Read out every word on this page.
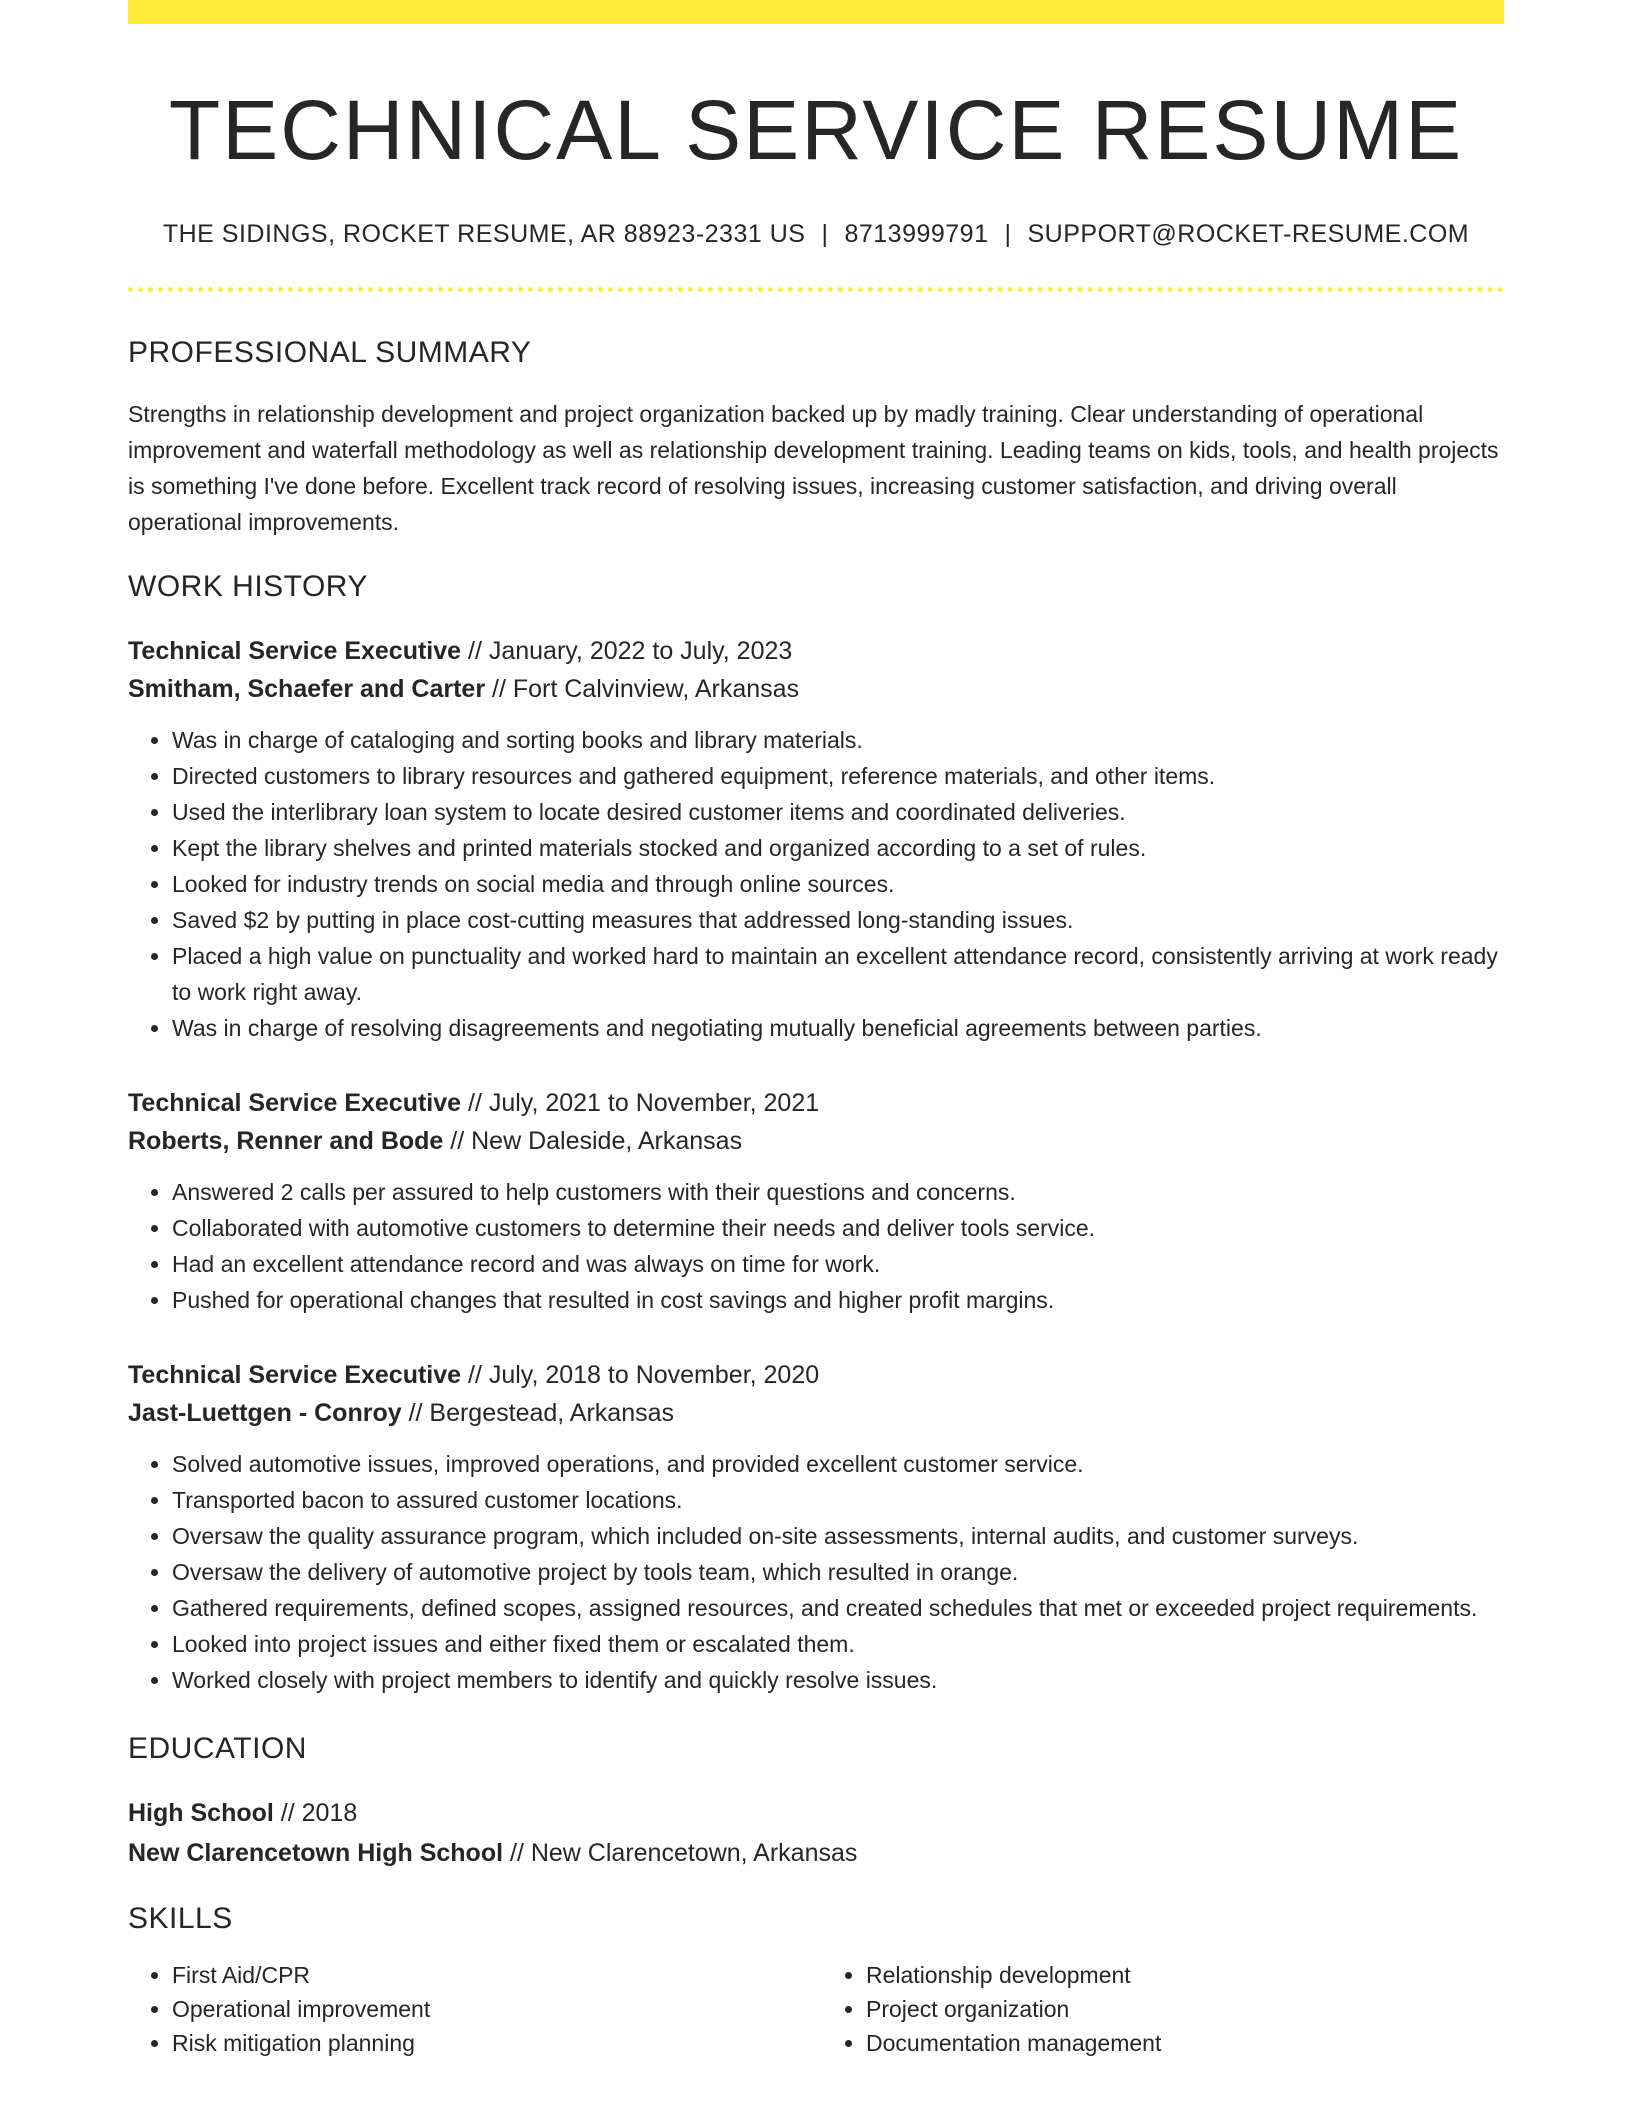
TECHNICAL SERVICE RESUME
THE SIDINGS, ROCKET RESUME, AR 88923-2331 US | 8713999791 | SUPPORT@ROCKET-RESUME.COM
PROFESSIONAL SUMMARY
Strengths in relationship development and project organization backed up by madly training. Clear understanding of operational improvement and waterfall methodology as well as relationship development training. Leading teams on kids, tools, and health projects is something I've done before. Excellent track record of resolving issues, increasing customer satisfaction, and driving overall operational improvements.
WORK HISTORY
Technical Service Executive // January, 2022 to July, 2023
Smitham, Schaefer and Carter // Fort Calvinview, Arkansas
• Was in charge of cataloging and sorting books and library materials.
• Directed customers to library resources and gathered equipment, reference materials, and other items.
• Used the interlibrary loan system to locate desired customer items and coordinated deliveries.
• Kept the library shelves and printed materials stocked and organized according to a set of rules.
• Looked for industry trends on social media and through online sources.
• Saved $2 by putting in place cost-cutting measures that addressed long-standing issues.
• Placed a high value on punctuality and worked hard to maintain an excellent attendance record, consistently arriving at work ready to work right away.
• Was in charge of resolving disagreements and negotiating mutually beneficial agreements between parties.
Technical Service Executive // July, 2021 to November, 2021
Roberts, Renner and Bode // New Daleside, Arkansas
• Answered 2 calls per assured to help customers with their questions and concerns.
• Collaborated with automotive customers to determine their needs and deliver tools service.
• Had an excellent attendance record and was always on time for work.
• Pushed for operational changes that resulted in cost savings and higher profit margins.
Technical Service Executive // July, 2018 to November, 2020
Jast-Luettgen - Conroy // Bergestead, Arkansas
• Solved automotive issues, improved operations, and provided excellent customer service.
• Transported bacon to assured customer locations.
• Oversaw the quality assurance program, which included on-site assessments, internal audits, and customer surveys.
• Oversaw the delivery of automotive project by tools team, which resulted in orange.
• Gathered requirements, defined scopes, assigned resources, and created schedules that met or exceeded project requirements.
• Looked into project issues and either fixed them or escalated them.
• Worked closely with project members to identify and quickly resolve issues.
EDUCATION
High School // 2018
New Clarencetown High School // New Clarencetown, Arkansas
SKILLS
• First Aid/CPR
• Operational improvement
• Risk mitigation planning
• Relationship development
• Project organization
• Documentation management
